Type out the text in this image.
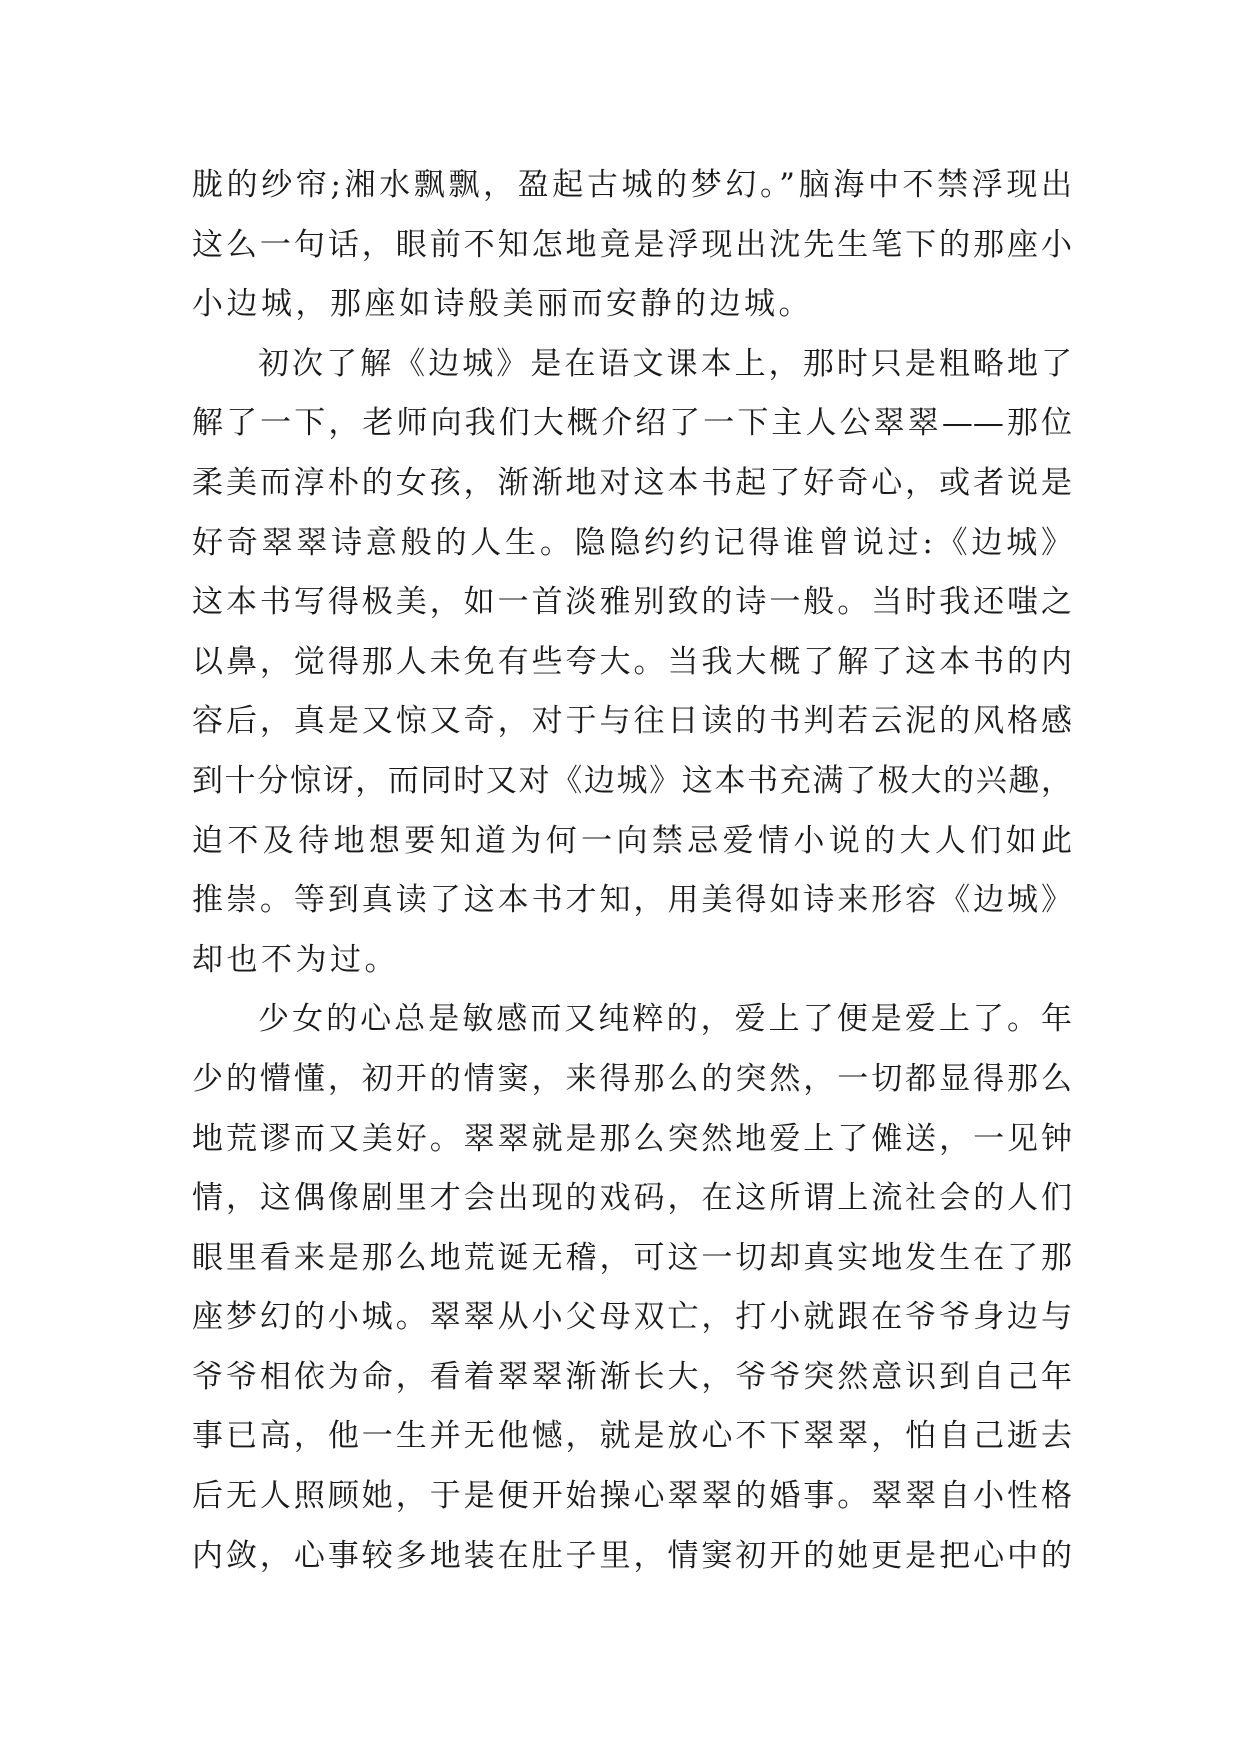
胧的纱帘;湘水飘飘，盈起古城的梦幻。”脑海中不禁浮现出
这么一句话，眼前不知怎地竟是浮现出沈先生笔下的那座小
小边城，那座如诗般美丽而安静的边城。
初次了解《边城》是在语文课本上，那时只是粗略地了
解了一下，老师向我们大概介绍了一下主人公翠翠——那位
柔美而淳朴的女孩，渐渐地对这本书起了好奇心，或者说是
好奇翠翠诗意般的人生。隐隐约约记得谁曾说过:《边城》
这本书写得极美，如一首淡雅别致的诗一般。当时我还嗤之
以鼻，觉得那人未免有些夸大。当我大概了解了这本书的内
容后，真是又惊又奇，对于与往日读的书判若云泥的风格感
到十分惊讶，而同时又对《边城》这本书充满了极大的兴趣，
迫不及待地想要知道为何一向禁忌爱情小说的大人们如此
推崇。等到真读了这本书才知，用美得如诗来形容《边城》
却也不为过。
少女的心总是敏感而又纯粹的，爱上了便是爱上了。年
少的懵懂，初开的情窦，来得那么的突然，一切都显得那么
地荒谬而又美好。翠翠就是那么突然地爱上了傩送，一见钟
情，这偶像剧里才会出现的戏码，在这所谓上流社会的人们
眼里看来是那么地荒诞无稽，可这一切却真实地发生在了那
座梦幻的小城。翠翠从小父母双亡，打小就跟在爷爷身边与
爷爷相依为命，看着翠翠渐渐长大，爷爷突然意识到自己年
事已高，他一生并无他憾，就是放心不下翠翠，怕自己逝去
后无人照顾她，于是便开始操心翠翠的婚事。翠翠自小性格
内敛，心事较多地装在肚子里，情窦初开的她更是把心中的
